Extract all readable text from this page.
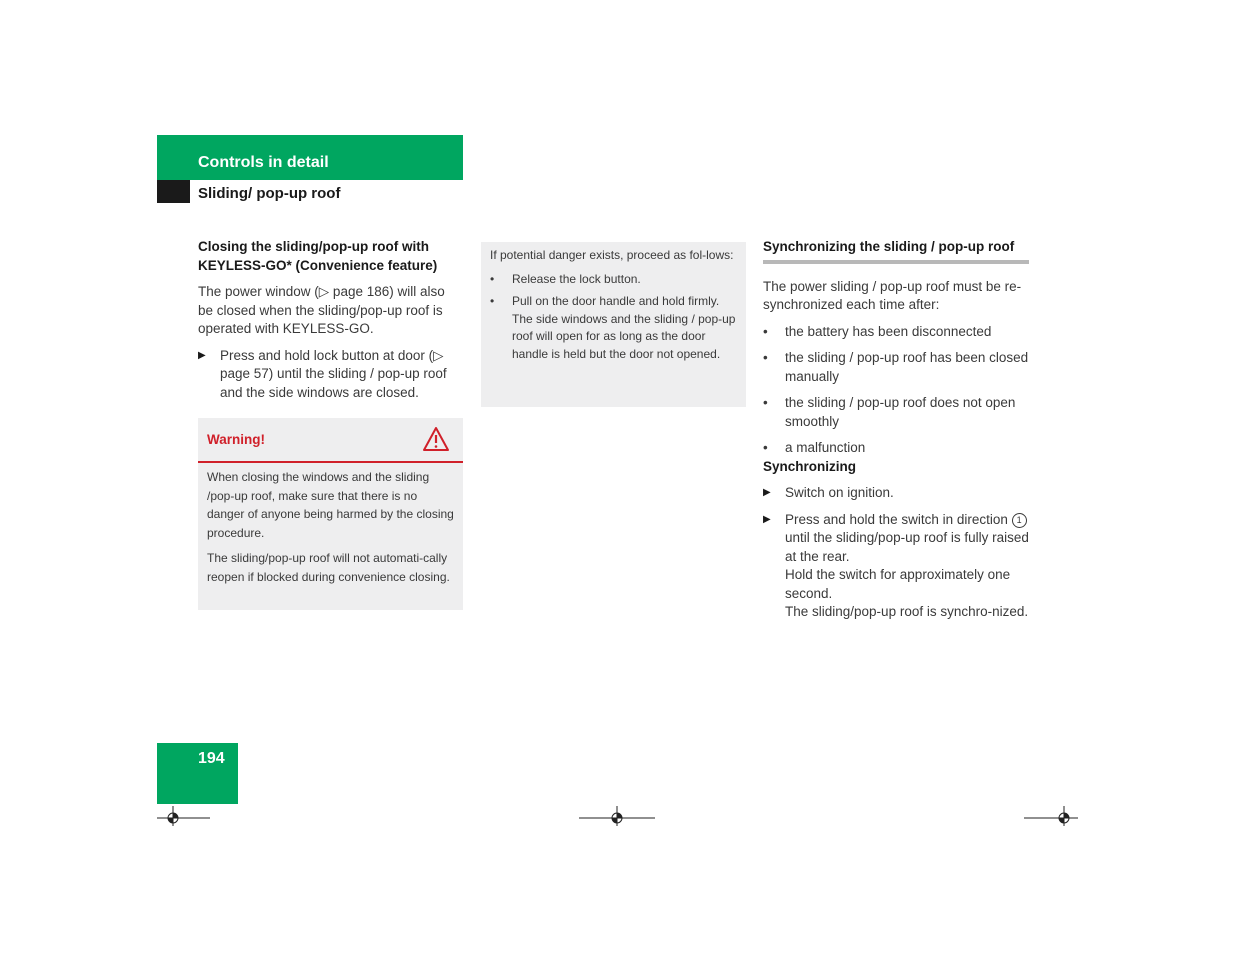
Controls in detail
Sliding/ pop-up roof

Closing the sliding/pop-up roof with KEYLESS-GO* (Convenience feature)

The power window (▷ page 186) will also be closed when the sliding/pop-up roof is operated with KEYLESS-GO.

▶ Press and hold lock button at door (▷ page 57) until the sliding / pop-up roof and the side windows are closed.
Warning!

When closing the windows and the sliding /pop-up roof, make sure that there is no danger of anyone being harmed by the closing procedure.

The sliding/pop-up roof will not automati-cally reopen if blocked during convenience closing.

If potential danger exists, proceed as fol-lows:

• Release the lock button.
• Pull on the door handle and hold firmly. The side windows and the sliding / pop-up roof will open for as long as the door handle is held but the door not opened.

Synchronizing the sliding / pop-up roof

The power sliding / pop-up roof must be re-synchronized each time after:

• the battery has been disconnected
• the sliding / pop-up roof has been closed manually
• the sliding / pop-up roof does not open smoothly
• a malfunction

Synchronizing

▶ Switch on ignition.
▶ Press and hold the switch in direction 1 until the sliding/pop-up roof is fully raised at the rear.

Hold the switch for approximately one second.

The sliding/pop-up roof is synchro-nized.

194
